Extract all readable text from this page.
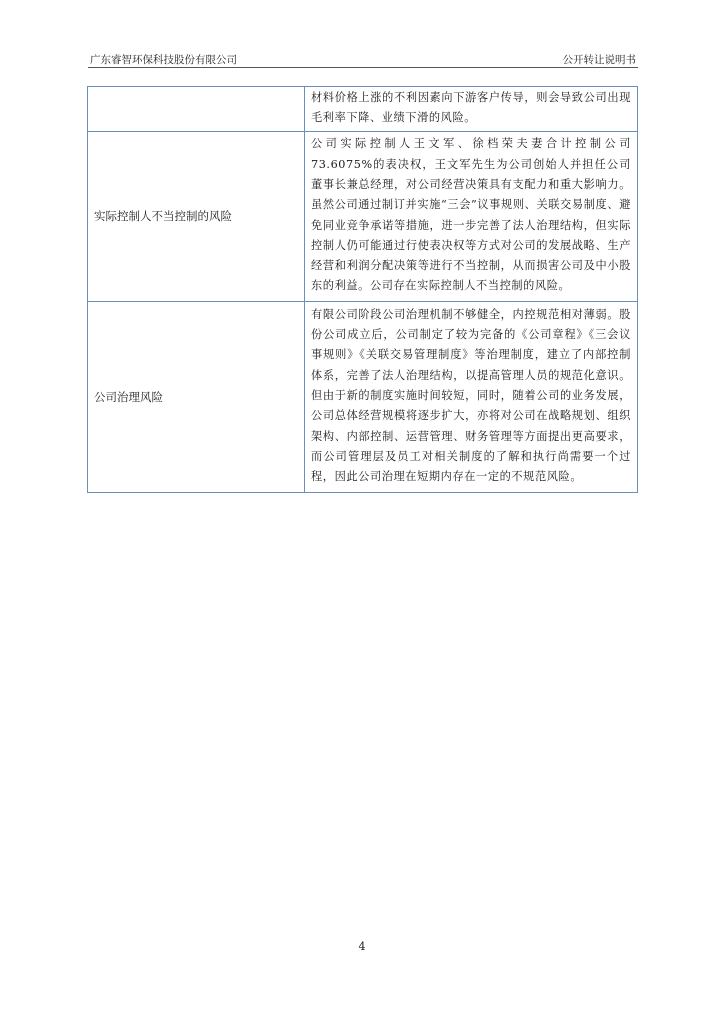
广东睿智环保科技股份有限公司	公开转让说明书
	材料价格上涨的不利因素向下游客户传导，则会导致公司出现毛利率下降、业绩下滑的风险。
实际控制人不当控制的风险	公司实际控制人王文军、徐档荣夫妻合计控制公司73.6075%的表决权，王文军先生为公司创始人并担任公司董事长兼总经理，对公司经营决策具有支配力和重大影响力。虽然公司通过制订并实施“三会”议事规则、关联交易制度、避免同业竞争承诺等措施，进一步完善了法人治理结构，但实际控制人仍可能通过行使表决权等方式对公司的发展战略、生产经营和利润分配决策等进行不当控制，从而损害公司及中小股东的利益。公司存在实际控制人不当控制的风险。
公司治理风险	有限公司阶段公司治理机制不够健全，内控规范相对薄弱。股份公司成立后，公司制定了较为完备的《公司章程》《三会议事规则》《关联交易管理制度》等治理制度，建立了内部控制体系，完善了法人治理结构，以提高管理人员的规范化意识。但由于新的制度实施时间较短，同时，随着公司的业务发展，公司总体经营规模将逐步扩大，亦将对公司在战略规划、组织架构、内部控制、运营管理、财务管理等方面提出更高要求，而公司管理层及员工对相关制度的了解和执行尚需要一个过程，因此公司治理在短期内存在一定的不规范风险。
4
